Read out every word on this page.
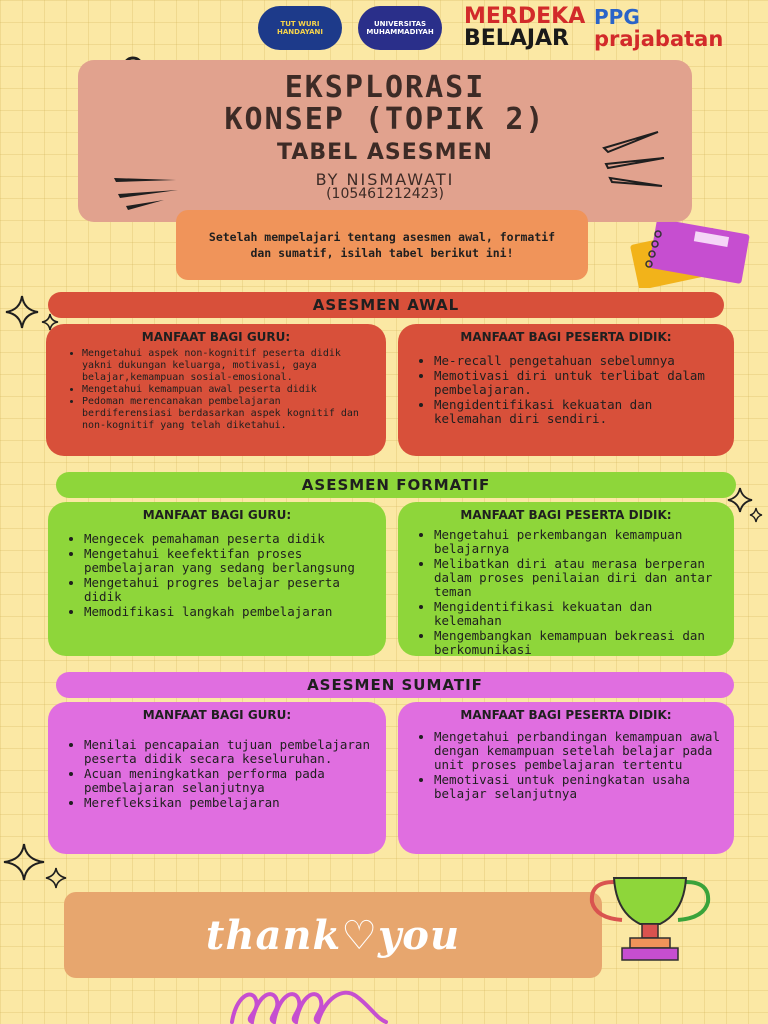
TUT WURI HANDAYANI
UNIVERSITAS MUHAMMADIYAH
MERDEKA
BELAJAR
PPG
prajabatan
EKSPLORASI
KONSEP (TOPIK 2)
TABEL ASESMEN
BY NISMAWATI
(105461212423)
Setelah mempelajari tentang asesmen awal, formatif dan sumatif, isilah tabel berikut ini!
ASESMEN AWAL
MANFAAT BAGI GURU:
• Mengetahui aspek non-kognitif peserta didik yakni dukungan keluarga, motivasi, gaya belajar,kemampuan sosial-emosional.
• Mengetahui kemampuan awal peserta didik
• Pedoman merencanakan pembelajaran berdiferensiasi berdasarkan aspek kognitif dan non-kognitif yang telah diketahui.
MANFAAT BAGI PESERTA DIDIK:
• Me-recall pengetahuan sebelumnya
• Memotivasi diri untuk terlibat dalam pembelajaran.
• Mengidentifikasi kekuatan dan kelemahan diri sendiri.
ASESMEN FORMATIF
MANFAAT BAGI GURU:
• Mengecek pemahaman peserta didik
• Mengetahui keefektifan proses pembelajaran yang sedang berlangsung
• Mengetahui progres belajar peserta didik
• Memodifikasi langkah pembelajaran
MANFAAT BAGI PESERTA DIDIK:
• Mengetahui perkembangan kemampuan belajarnya
• Melibatkan diri atau merasa berperan dalam proses penilaian diri dan antar teman
• Mengidentifikasi kekuatan dan kelemahan
• Mengembangkan kemampuan bekreasi dan berkomunikasi
ASESMEN SUMATIF
MANFAAT BAGI GURU:
• Menilai pencapaian tujuan pembelajaran peserta didik secara keseluruhan.
• Acuan meningkatkan performa pada pembelajaran selanjutnya
• Merefleksikan pembelajaran
MANFAAT BAGI PESERTA DIDIK:
• Mengetahui perbandingan kemampuan awal dengan kemampuan setelah belajar pada unit proses pembelajaran tertentu
• Memotivasi untuk peningkatan usaha belajar selanjutnya
thank♡you
